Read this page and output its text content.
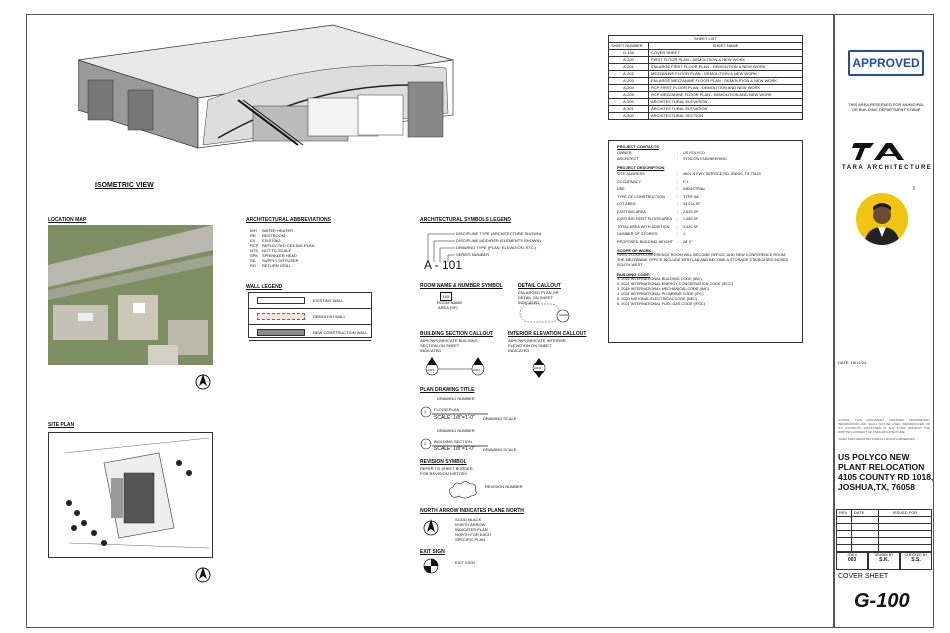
ISOMETRIC VIEW
SHEET LIST	
SHEET NUMBER	SHEET NAME
G-100	COVER SHEET
A-200	FIRST FLOOR PLAN - DEMOLITION & NEW WORK
A-201	ENLARGE FIRST FLOOR PLAN - DEMOLITION & NEW WORK
A-202	MEZZANINE FLOOR PLAN - DEMOLITION & NEW WORK
A-203	ENLARGE MEZZANINE FLOOR PLAN - DEMOLITION & NEW WORK
A-204	RCP FIRST FLOOR PLAN - DEMOLITION AND NEW WORK
A-205	RCP MEZZANINE FLOOR PLAN - DEMOLITION AND NEW WORK
A-300	ARCHITECTURAL ELEVATION
A-301	ARCHITECTURAL ELEVATION
A-400	ARCHITECTURAL SECTION
PROJECT CONTACTS
OWNER	:	US POLYCO
ARCHITECT	:	SYNCON ENGINEERING
PROJECT DESCRIPTION
SITE ADDRESS	:	4601 N FWY SERVICE RD, ENNIS, TX 75119
OCCUPANCY	:	F-1
USE	:	INDUSTRIAL
TYPE OF CONSTRUCTION	:	TYPE IIA
LOT AREA	:	15,014 SF
EXISTING AREA	:	2,625 SF
EXISTING FIRST FLOOR AREA	:	1,055 SF
TOTAL AREA WITH ADDITION	:	3,420 SF
NUMBER OF STORIES	:	1
PROPOSED BUILDING HEIGHT	:	28' 0"
SCOPE OF WORK:
FIRST-FLOOR CONFERENCE ROOM WILL BECOME OFFICE, AND NEW CONFERENCE ROOM. THE MEZZANINE OFFICE INCLUDE WITH LAB AND BECOME A STORAGE STAIRCASED MOVED SOUTH-WEST.
BUILDING CODE:
1. 2021 INTERNATIONAL BUILDING CODE (IBC)
2. 2021 INTERNATIONAL ENERGY CONSERVATION CODE (IECC)
3. 2018 INTERNATIONAL MECHANICAL CODE (IMC)
4. 2021 INTERNATIONAL PLUMBING CODE (IPC)
5. 2020 NATIONAL ELECTRICAL CODE (NEC)
6. 2021 INTERNATIONAL FUEL GAS CODE (IFGC)
LOCATION MAP
SITE PLAN
ARCHITECTURAL ABBREVIATIONS
WH	WATER HEATER
RR	RESTROOM
EX	EXISTING
RCP REFLECTED CEILING PLAN
NTS	NOT TO SCALE
SPK SPRINKLER HEAD
SD	SUPPLY DIFFUSER
RG	RETURN GRILL
WALL LEGEND
EXISTING WALL
DEMOLISH WALL
NEW CONSTRUCTION WALL
ARCHITECTURAL SYMBOLS LEGEND
DISCIPLINE TYPE (ARCHITECTURE SHOWN)
DISCIPLINE MODIFIER (ELEMENTS SHOWN)
DRAWING TYPE (PLAN, ELEVATION, ETC.)
SERIES NUMBER
A - 101
ROOM NAME & NUMBER SYMBOL
105
ROOM NAME
AREA (SF)
DETAIL CALLOUT
ENLARGED PLAN OR DETAIL ON SHEET INDICATED
3/A201
BUILDING SECTION CALLOUT
ARROWS INDICATE BUILDING SECTION ON SHEET INDICATED
A301	A301
INTERIOR ELEVATION CALLOUT
ARROWS INDICATE INTERIOR ELEVATION ON SHEET INDICATED
A201
PLAN DRAWING TITLE
DRAWING NUMBER
1 FLOOR PLAN
SCALE: 1/8"=1'-0" DRAWING SCALE
DRAWING NUMBER
2 BUILDING SECTION
SCALE: 1/8"=1'-0" DRAWING SCALE
REVISION SYMBOL
REFER TO SHEET BORDER FOR REVISION HISTORY
REVISION NUMBER
NORTH ARROW INDICATES PLANE NORTH
SOLID BLACK NORTH ARROW INDICATES PLAN NORTH FOR EACH SPECIFIC PLAN
EXIT SIGN
EXIT SIGN
APPROVED
THIS AREA RESERVED FOR MUNICIPAL OR BUILDING DEPARTMENT STAMP
TARA ARCHITECTURE
PE
DATE: 15/12/24
NOTICE: THIS DOCUMENT CONTAINS PROPRIETARY INFORMATION AND SHALL NOT BE USED, REPRODUCED OR ITS CONTENTS DISCLOSED IN ANY FORM WITHOUT THE WRITTEN CONSENT OF TARA ARCHITECTURE.
©2024 TARA ARCHITECTURE ALL RIGHTS RESERVED
US POLYCO NEW PLANT RELOCATION
4105 COUNTY RD 1018, JOSHUA,TX, 76058
REV	DATE	ISSUED FOR

JOB #
003
DRAWN BY
S.K.
CHECKED BY
S.S.
COVER SHEET
G-100
